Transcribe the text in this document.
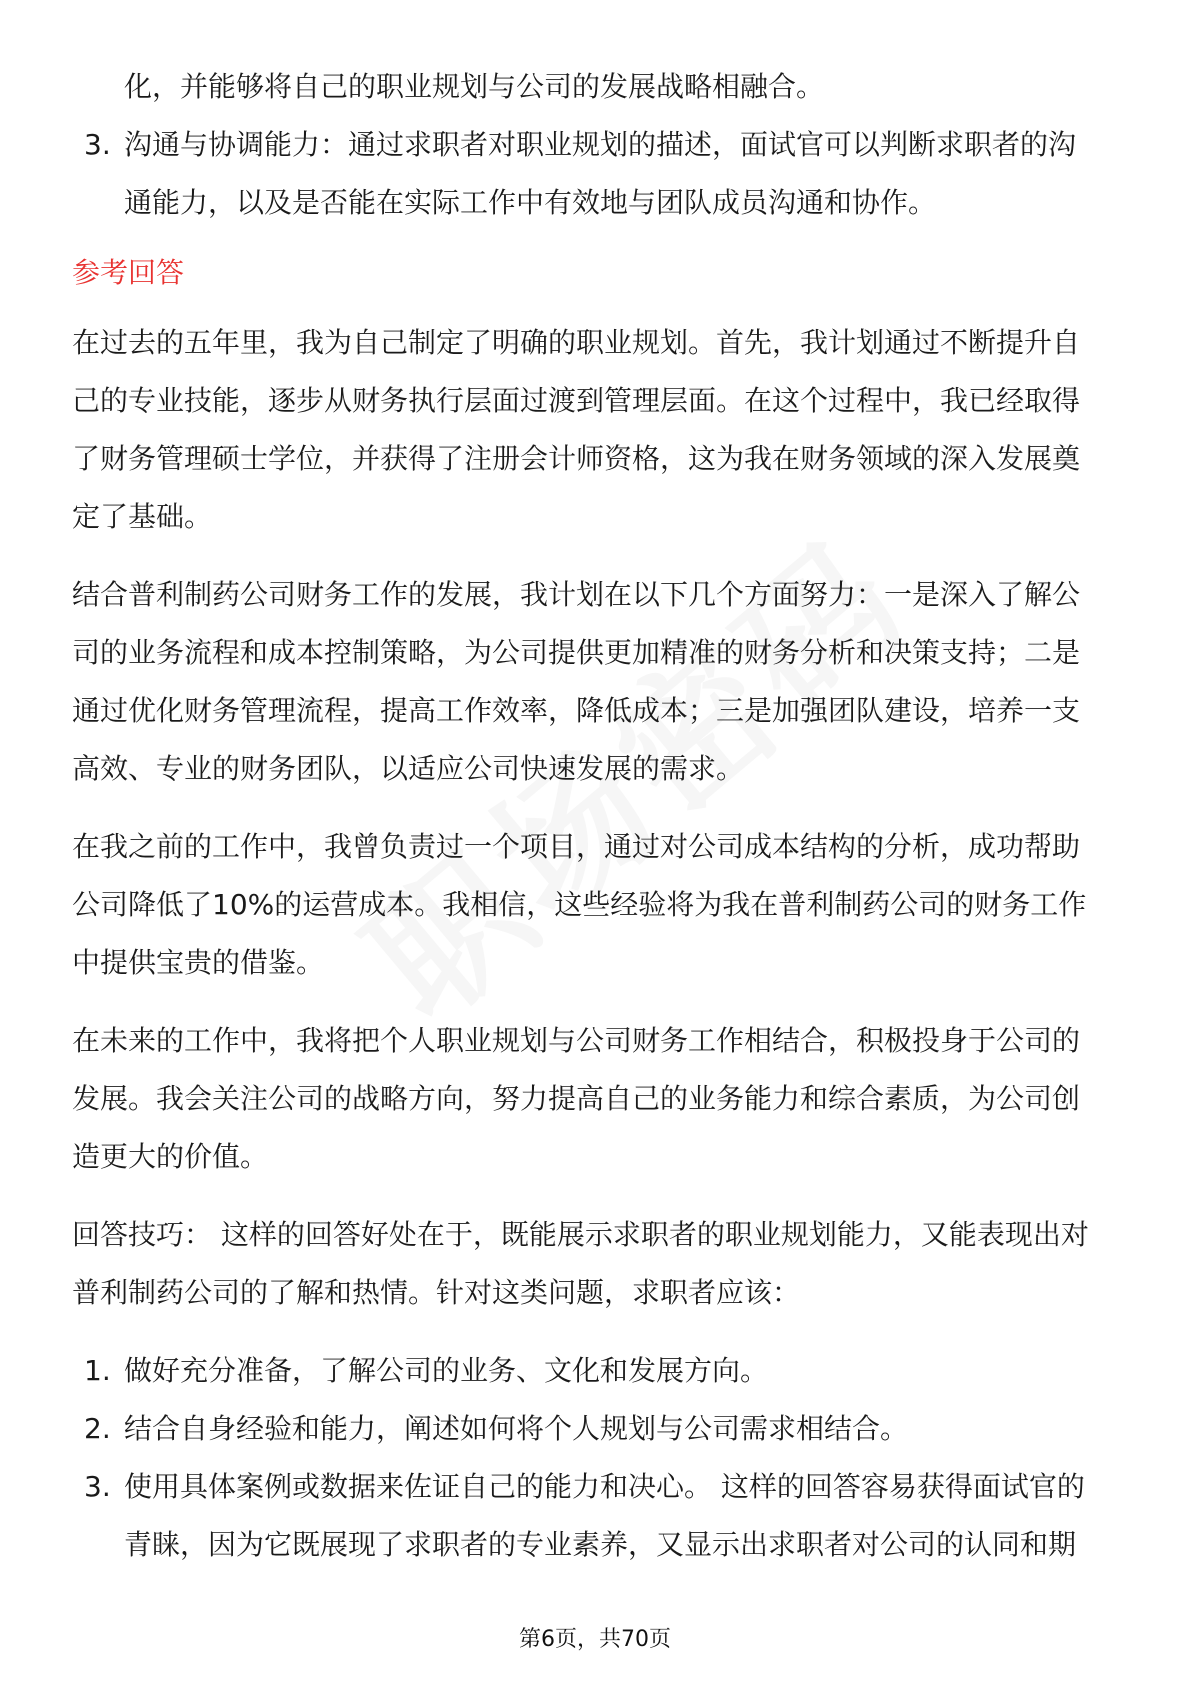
化，并能够将自己的职业规划与公司的发展战略相融合。

3. 沟通与协调能力：通过求职者对职业规划的描述，面试官可以判断求职者的沟
通能力，以及是否能在实际工作中有效地与团队成员沟通和协作。

参考回答

在过去的五年里，我为自己制定了明确的职业规划。首先，我计划通过不断提升自
己的专业技能，逐步从财务执行层面过渡到管理层面。在这个过程中，我已经取得
了财务管理硕士学位，并获得了注册会计师资格，这为我在财务领域的深入发展奠
定了基础。
结合普利制药公司财务工作的发展，我计划在以下几个方面努力：一是深入了解公
司的业务流程和成本控制策略，为公司提供更加精准的财务分析和决策支持；二是
通过优化财务管理流程，提高工作效率，降低成本；三是加强团队建设，培养一支
高效、专业的财务团队，以适应公司快速发展的需求。
在我之前的工作中，我曾负责过一个项目，通过对公司成本结构的分析，成功帮助
公司降低了10%的运营成本。我相信，这些经验将为我在普利制药公司的财务工作
中提供宝贵的借鉴。
在未来的工作中，我将把个人职业规划与公司财务工作相结合，积极投身于公司的
发展。我会关注公司的战略方向，努力提高自己的业务能力和综合素质，为公司创
造更大的价值。
回答技巧： 这样的回答好处在于，既能展示求职者的职业规划能力，又能表现出对
普利制药公司的了解和热情。针对这类问题，求职者应该：
1. 做好充分准备，了解公司的业务、文化和发展方向。
2. 结合自身经验和能力，阐述如何将个人规划与公司需求相结合。
3. 使用具体案例或数据来佐证自己的能力和决心。 这样的回答容易获得面试官的
青睐，因为它既展现了求职者的专业素养，又显示出求职者对公司的认同和期
第6页，共70页
